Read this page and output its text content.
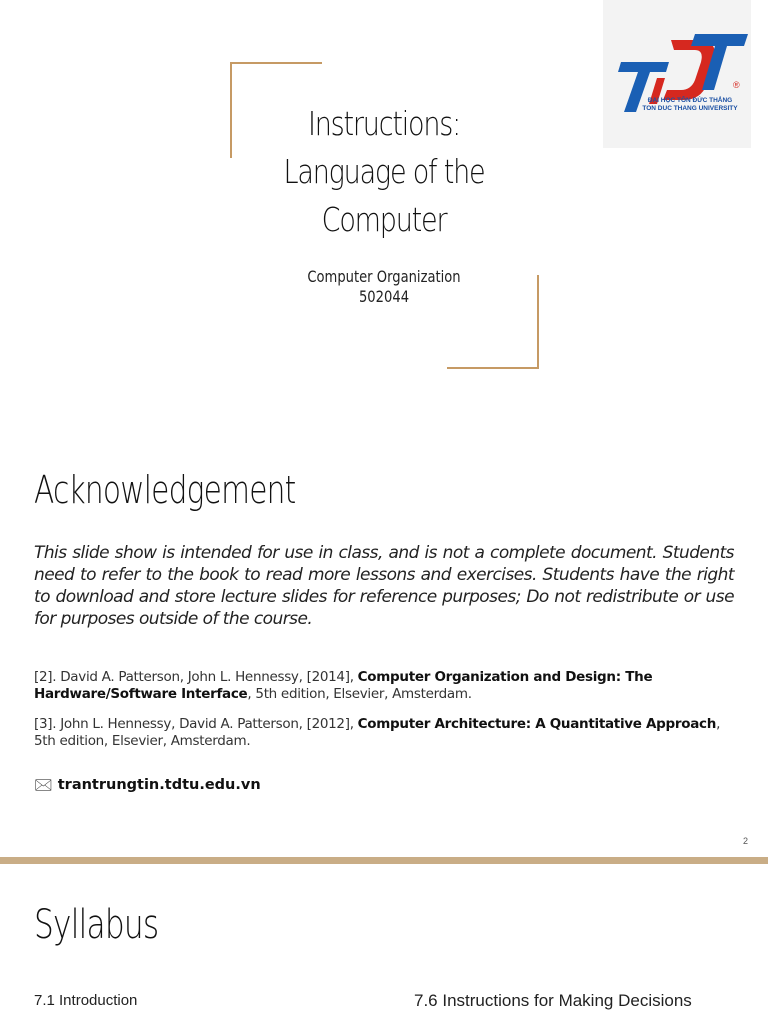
Instructions:
Language of the
Computer
Computer Organization
502044
®
ĐẠI HỌC TÔN ĐỨC THẮNG
TON DUC THANG UNIVERSITY
Acknowledgement

This slide show is intended for use in class, and is not a complete document. Students need to refer to the book to read more lessons and exercises. Students have the right to download and store lecture slides for reference purposes; Do not redistribute or use for purposes outside of the course.

[2]. David A. Patterson, John L. Hennessy, [2014], Computer Organization and Design: The Hardware/Software Interface, 5th edition, Elsevier, Amsterdam.

[3]. John L. Hennessy, David A. Patterson, [2012], Computer Architecture: A Quantitative Approach, 5th edition, Elsevier, Amsterdam.

🖂 trantrungtin.tdtu.edu.vn
2
Syllabus
7.1 Introduction	7.6 Instructions for Making Decisions
